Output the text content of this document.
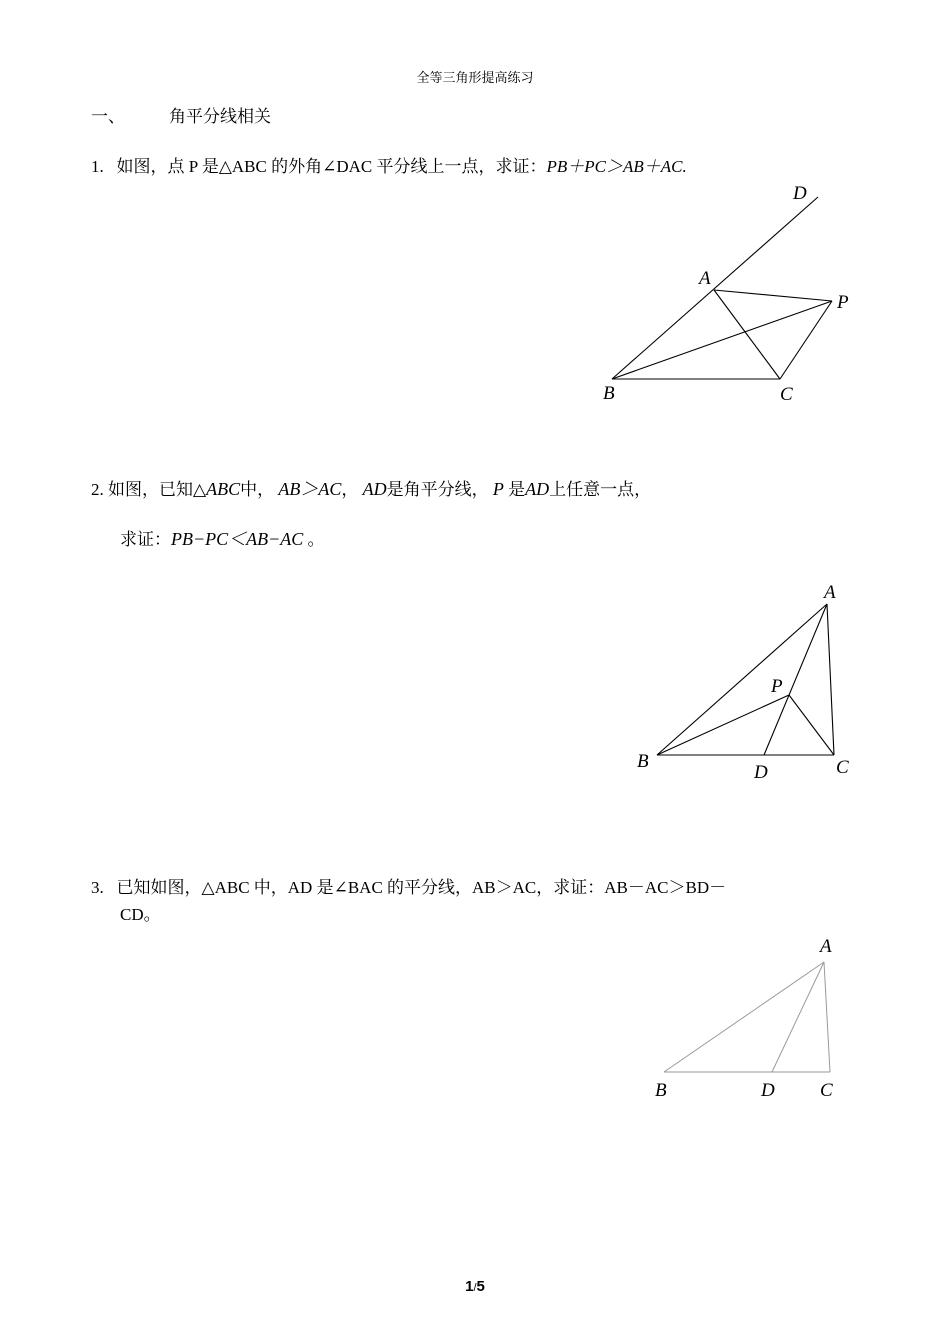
全等三角形提高练习
一、	角平分线相关
1. 如图，点 P 是△ABC 的外角∠DAC 平分线上一点，求证：PB＋PC＞AB＋AC.
D
A
P
B	C
2. 如图，已知△ABC中， AB＞AC， AD是角平分线， P 是AD上任意一点，
求证：PB−PC＜AB−AC 。
A
P
B
D	C
3. 已知如图，△ABC 中，AD 是∠BAC 的平分线，AB＞AC，求证：AB－AC＞BD－
CD。
A
B	D C
1/5
